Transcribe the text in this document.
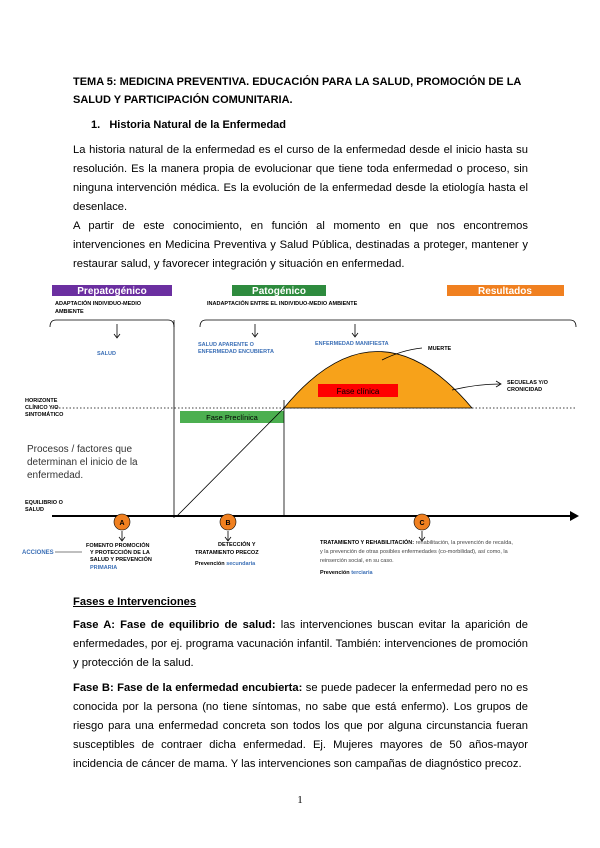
TEMA 5: MEDICINA PREVENTIVA. EDUCACIÓN PARA LA SALUD, PROMOCIÓN DE LA SALUD Y PARTICIPACIÓN COMUNITARIA.
1. Historia Natural de la Enfermedad
La historia natural de la enfermedad es el curso de la enfermedad desde el inicio hasta su resolución. Es la manera propia de evolucionar que tiene toda enfermedad o proceso, sin ninguna intervención médica. Es la evolución de la enfermedad desde la etiología hasta el desenlace.
A partir de este conocimiento, en función al momento en que nos encontremos intervenciones en Medicina Preventiva y Salud Pública, destinadas a proteger, mantener y restaurar salud, y favorecer integración y situación en enfermedad.
Prepatogénico	Patogénico	Resultados
ADAPTACIÓN INDIVIDUO-MEDIO
AMBIENTE
INADAPTACIÓN ENTRE EL INDIVIDUO-MEDIO AMBIENTE
SALUD
SALUD APARENTE O
ENFERMEDAD ENCUBIERTA
ENFERMEDAD MANIFIESTA
MUERTE
HORIZONTE
CLÍNICO Y/O
SINTOMÁTICO
Fase clínica
SECUELAS Y/O
CRONICIDAD
Fase Preclínica
Procesos / factores que
determinan el inicio de la
enfermedad.
EQUILIBRIO O
SALUD
A	B	C
ACCIONES
FOMENTO PROMOCIÓN
Y PROTECCIÓN DE LA
SALUD Y PREVENCIÓN
PRIMARIA
DETECCIÓN Y
TRATAMIENTO PRECOZ
Prevención secundaria
TRATAMIENTO Y REHABILITACIÓN: rehabilitación, la prevención de recaída,
y la prevención de otras posibles enfermedades (co-morbilidad), así como, la
reinserción social, en su caso.
Prevención terciaria
Fases e Intervenciones
Fase A: Fase de equilibrio de salud: las intervenciones buscan evitar la aparición de enfermedades, por ej. programa vacunación infantil. También: intervenciones de promoción y protección de la salud.
Fase B: Fase de la enfermedad encubierta: se puede padecer la enfermedad pero no es conocida por la persona (no tiene síntomas, no sabe que está enfermo). Los grupos de riesgo para una enfermedad concreta son todos los que por alguna circunstancia fueran susceptibles de contraer dicha enfermedad. Ej. Mujeres mayores de 50 años-mayor incidencia de cáncer de mama. Y las intervenciones son campañas de diagnóstico precoz.
1
